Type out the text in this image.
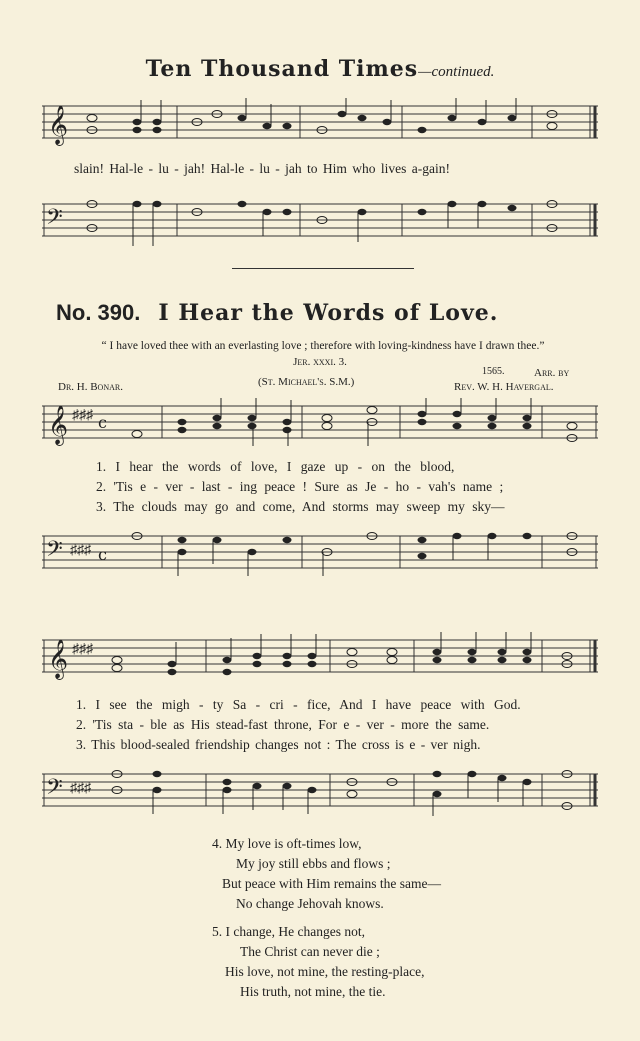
Ten Thousand Times—continued.
𝄞
slain! Hal-le - lu - jah! Hal-le - lu - jah to Him who lives a-gain!
𝄢
No. 390. I Hear the Words of Love.
“ I have loved thee with an everlasting love ; therefore with loving-kindness have I drawn thee.”
Jer. xxxi. 3.
Dr. H. Bonar.	(St. Michael's. S.M.)
1565.	Arr. by
Rev. W. H. Havergal.
𝄞 ♯♯♯ c
1. I hear the words of love, I gaze up - on the blood,
2. 'Tis e - ver - last - ing peace ! Sure as Je - ho - vah's name ;
3. The clouds may go and come, And storms may sweep my sky—
𝄢 ♯♯♯ c
𝄞 ♯♯♯
1. I see the migh - ty Sa - cri - fice, And I have peace with God.
2. 'Tis sta - ble as His stead-fast throne, For e - ver - more the same.
3. This blood-sealed friendship changes not : The cross is e - ver nigh.
𝄢 ♯♯♯
4. My love is oft-times low,
My joy still ebbs and flows ;
But peace with Him remains the same—
No change Jehovah knows.
5. I change, He changes not,
The Christ can never die ;
His love, not mine, the resting-place,
His truth, not mine, the tie.
